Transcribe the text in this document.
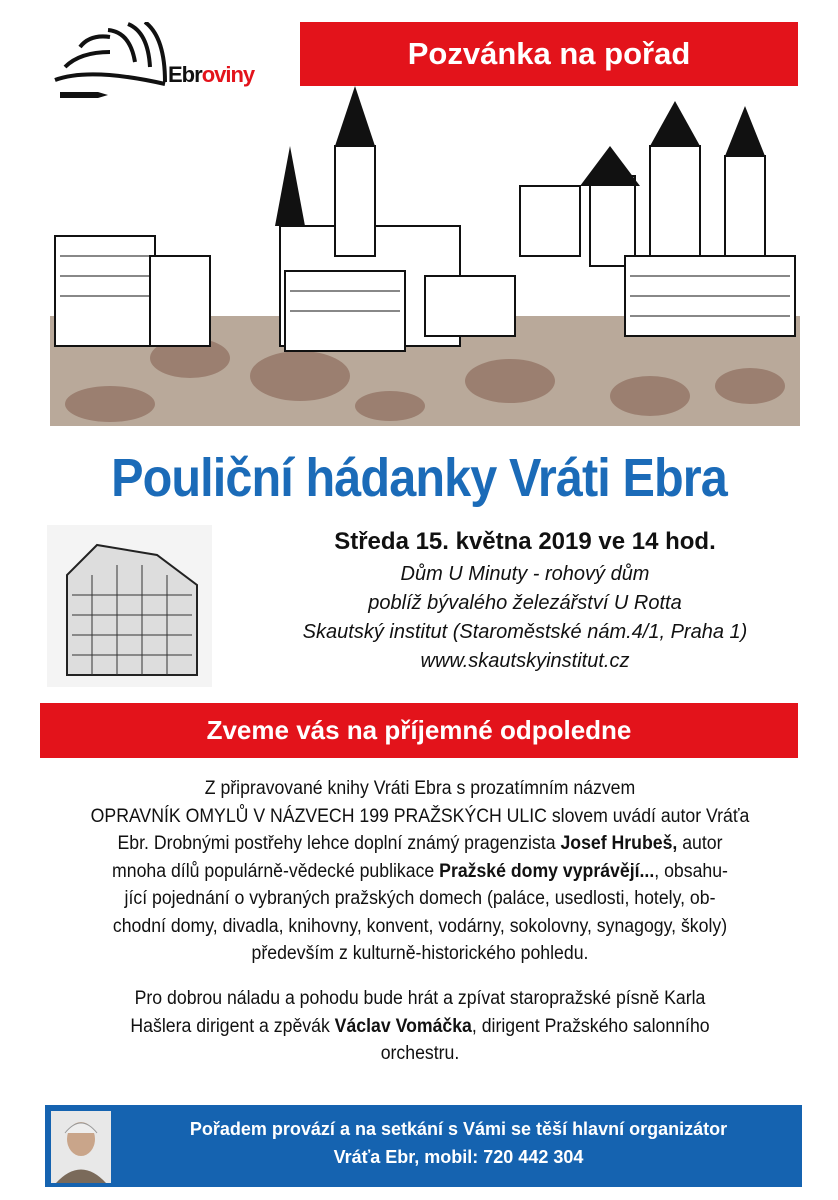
Ebroviny
Pozvánka na pořad
Pouliční hádanky Vráti Ebra
Středa 15. května 2019 ve 14 hod.
Dům U Minuty - rohový dům
poblíž bývalého železářství U Rotta
Skautský institut (Staroměstské nám.4/1, Praha 1)
www.skautskyinstitut.cz
Zveme vás na příjemné odpoledne
Z připravované knihy Vráti Ebra s prozatímním názvem
OPRAVNÍK OMYLŮ V NÁZVECH 199 PRAŽSKÝCH ULIC slovem uvádí autor Vráťa
Ebr. Drobnými postřehy lehce doplní známý pragenzista Josef Hrubeš, autor
mnoha dílů populárně-vědecké publikace Pražské domy vyprávějí..., obsahu-
jící pojednání o vybraných pražských domech (paláce, usedlosti, hotely, ob-
chodní domy, divadla, knihovny, konvent, vodárny, sokolovny, synagogy, školy)
především z kulturně-historického pohledu.
Pro dobrou náladu a pohodu bude hrát a zpívat staropražské písně Karla
Hašlera dirigent a zpěvák Václav Vomáčka, dirigent Pražského salonního
orchestru.
Pořadem provází a na setkání s Vámi se těší hlavní organizátor
Vráťa Ebr, mobil: 720 442 304
